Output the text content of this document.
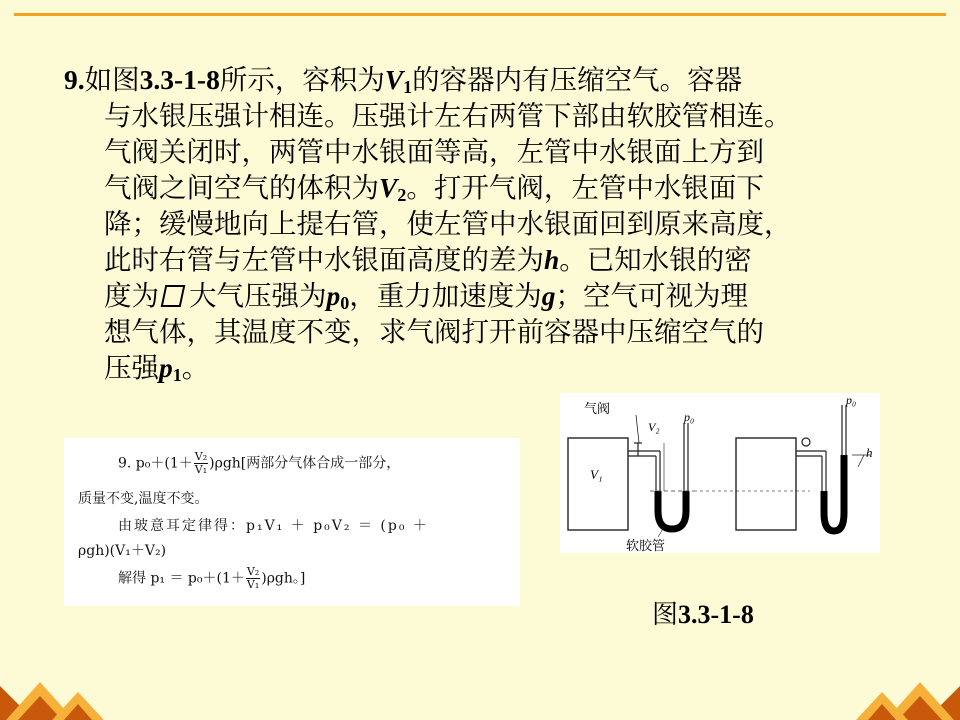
9.如图3.3-1-8所示，容积为$V_1$的容器内有压缩空气。容器
与水银压强计相连。压强计左右两管下部由软胶管相连。
气阀关闭时，两管中水银面等高，左管中水银面上方到
气阀之间空气的体积为$V_2$。打开气阀，左管中水银面下
降；缓慢地向上提右管，使左管中水银面回到原来高度，
此时右管与左管中水银面高度的差为h。已知水银的密
度为 大气压强为$p_0$，重力加速度为g；空气可视为理
想气体，其温度不变，求气阀打开前容器中压缩空气的
压强$p_1$。
9. $p_0+(1+ \frac{\text{V₂}}{\text{V₁}} )\rho gh$[两部分气体合成一部分，
质量不变,温度不变。
由玻意耳定律得：p₁V₁ ＋ p₀V₂ ＝ (p₀ ＋
ρgh)(V₁＋V₂)
解得 $p_1 = p_0+(1+ \frac{\text{V₂}}{\text{V₁}} )\rho gh$。]
气阀
V₂
p₀
V₁
软胶管
p₀
h
图3.3-1-8
